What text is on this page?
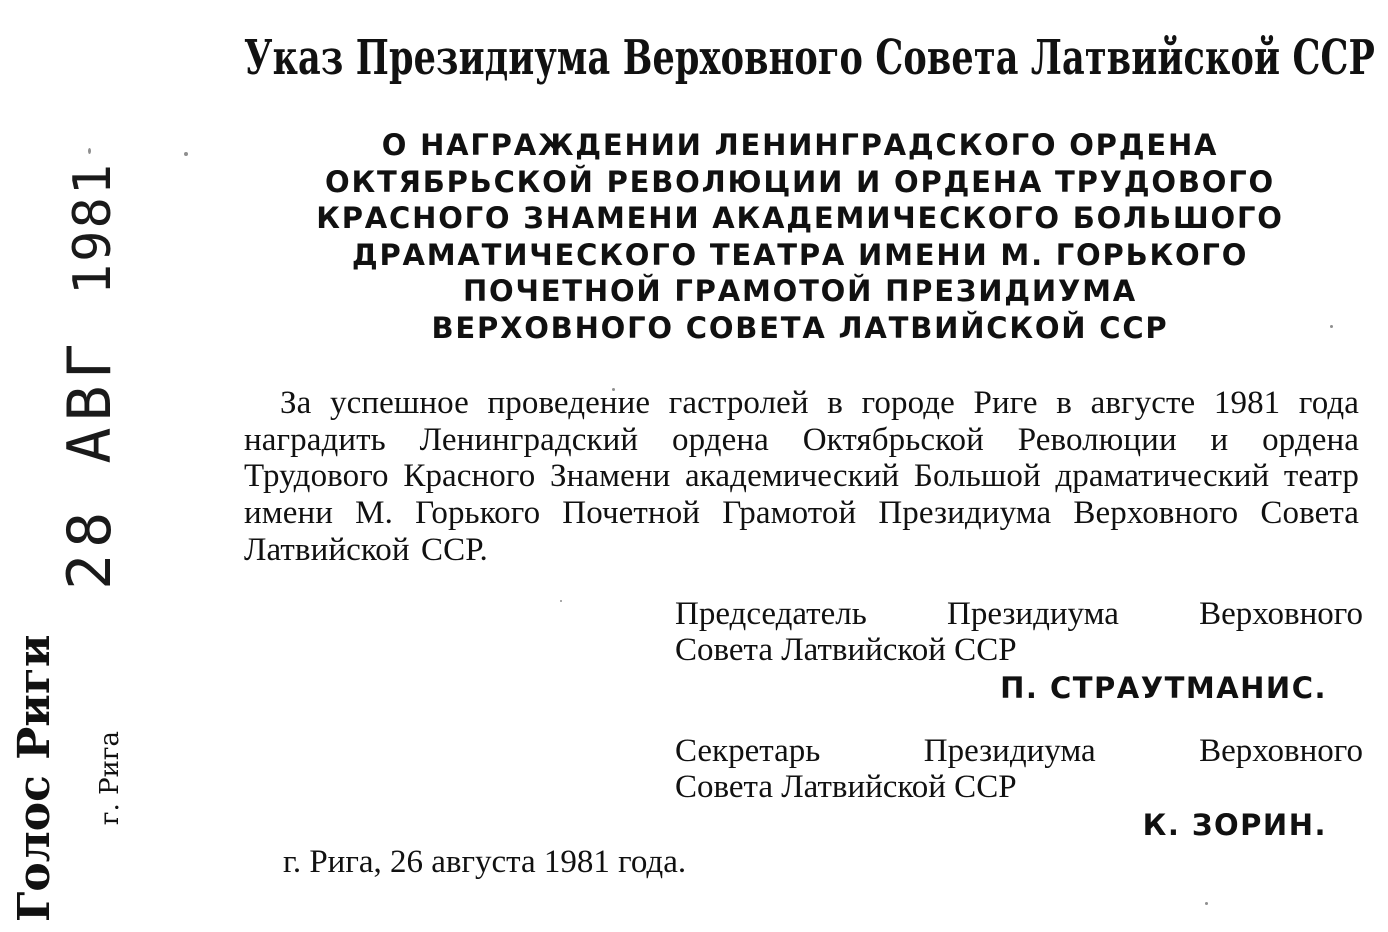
Указ Президиума Верховного Совета Латвийской ССР
О НАГРАЖДЕНИИ ЛЕНИНГРАДСКОГО ОРДЕНА
ОКТЯБРЬСКОЙ РЕВОЛЮЦИИ И ОРДЕНА ТРУДОВОГО
КРАСНОГО ЗНАМЕНИ АКАДЕМИЧЕСКОГО БОЛЬШОГО
ДРАМАТИЧЕСКОГО ТЕАТРА ИМЕНИ М. ГОРЬКОГО
ПОЧЕТНОЙ ГРАМОТОЙ ПРЕЗИДИУМА
ВЕРХОВНОГО СОВЕТА ЛАТВИЙСКОЙ ССР
За успешное проведение гастролей в городе Риге в августе 1981 года наградить Ленинградский ордена Октябрьской Революции и ордена Трудового Красного Знамени академический Большой драматический театр имени М. Горького Почетной Грамотой Президиума Верховного Совета Латвийской ССР.
Председатель Президиума Верховного
Совета Латвийской ССР
П. СТРАУТМАНИС.
Секретарь Президиума Верховного
Совета Латвийской ССР
К. ЗОРИН.
г. Рига, 26 августа 1981 года.
28 АВГ 1981
Голос Риги г. Рига
